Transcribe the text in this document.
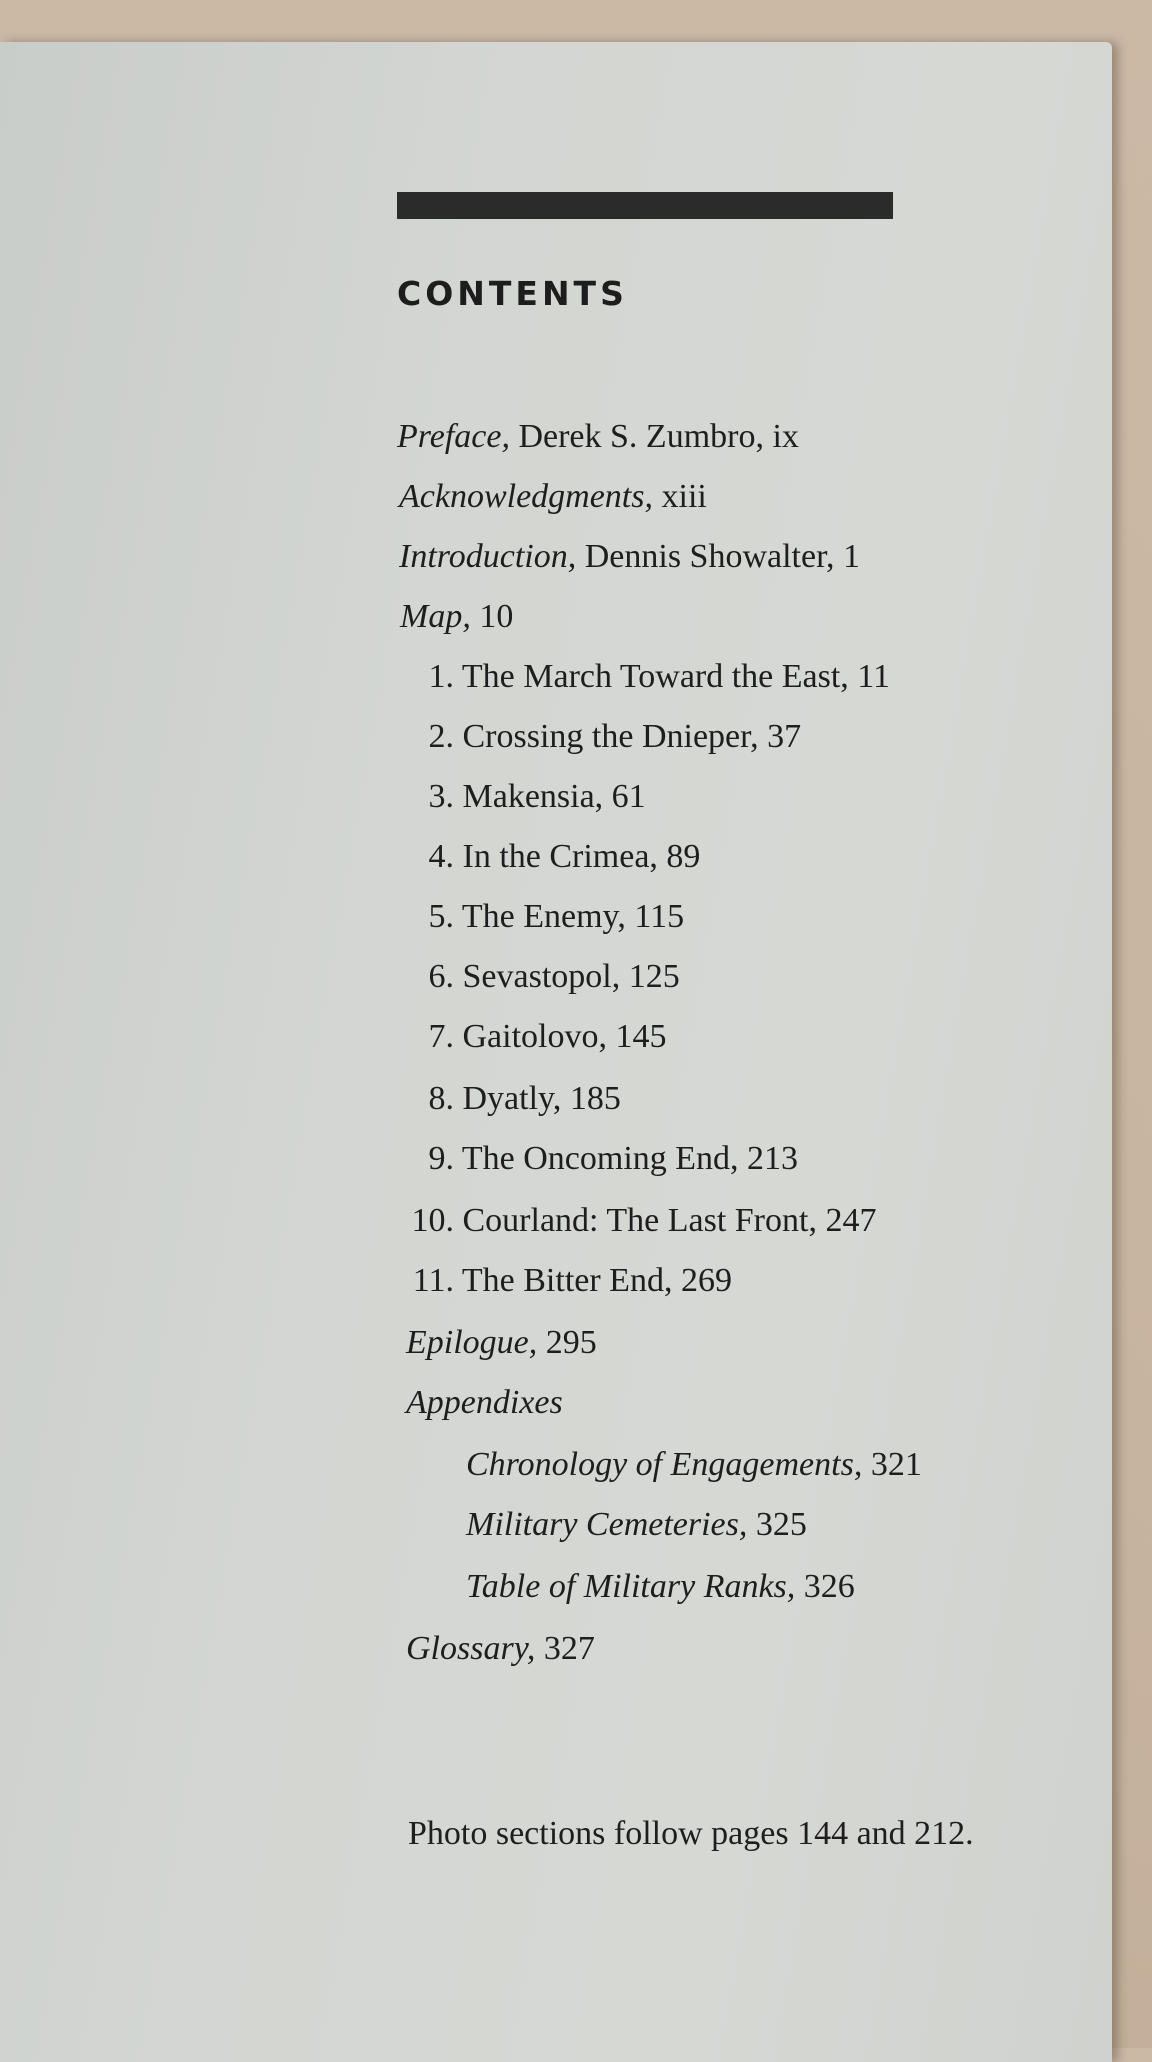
CONTENTS
Preface, Derek S. Zumbro, ix
Acknowledgments, xiii
Introduction, Dennis Showalter, 1
Map, 10
1. The March Toward the East, 11
2. Crossing the Dnieper, 37
3. Makensia, 61
4. In the Crimea, 89
5. The Enemy, 115
6. Sevastopol, 125
7. Gaitolovo, 145
8. Dyatly, 185
9. The Oncoming End, 213
10. Courland: The Last Front, 247
11. The Bitter End, 269
Epilogue, 295
Appendixes
Chronology of Engagements, 321
Military Cemeteries, 325
Table of Military Ranks, 326
Glossary, 327
Photo sections follow pages 144 and 212.
